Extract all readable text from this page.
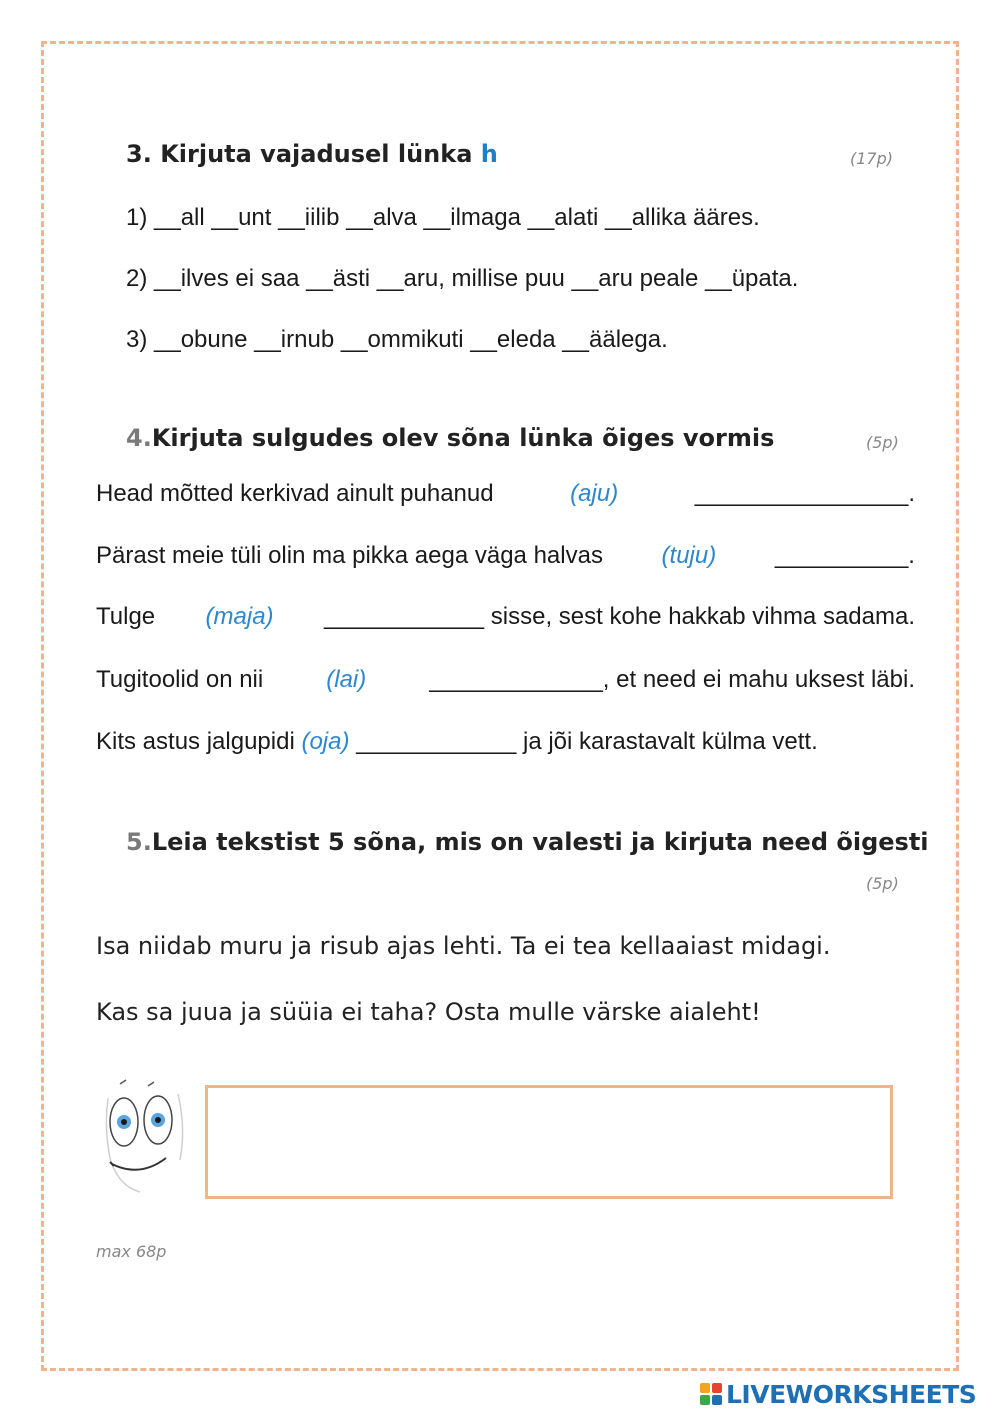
3. Kirjuta vajadusel lünka h	(17p)
1) __all __unt __iilib __alva __ilmaga __alati __allika ääres.
2) __ilves ei saa __ästi __aru, millise puu __aru peale __üpata.
3) __obune __irnub __ommikuti __eleda __äälega.
4.Kirjuta sulgudes olev sõna lünka õiges vormis	(5p)
Head mõtted kerkivad ainult puhanud	(aju)	________________.
Pärast meie tüli olin ma pikka aega väga halvas (tuju) __________.
Tulge (maja) ____________ sisse, sest kohe hakkab vihma sadama.
Tugitoolid on nii	(lai)	_____________, et need ei mahu uksest läbi.
Kits astus jalgupidi (oja) ____________ ja jõi karastavalt külma vett.
5.Leia tekstist 5 sõna, mis on valesti ja kirjuta need õigesti
(5p)
Isa niidab muru ja risub ajas lehti. Ta ei tea kellaaiast midagi.
Kas sa juua ja süüia ei taha? Osta mulle värske aialeht!
max 68p
LIVEWORKSHEETS
